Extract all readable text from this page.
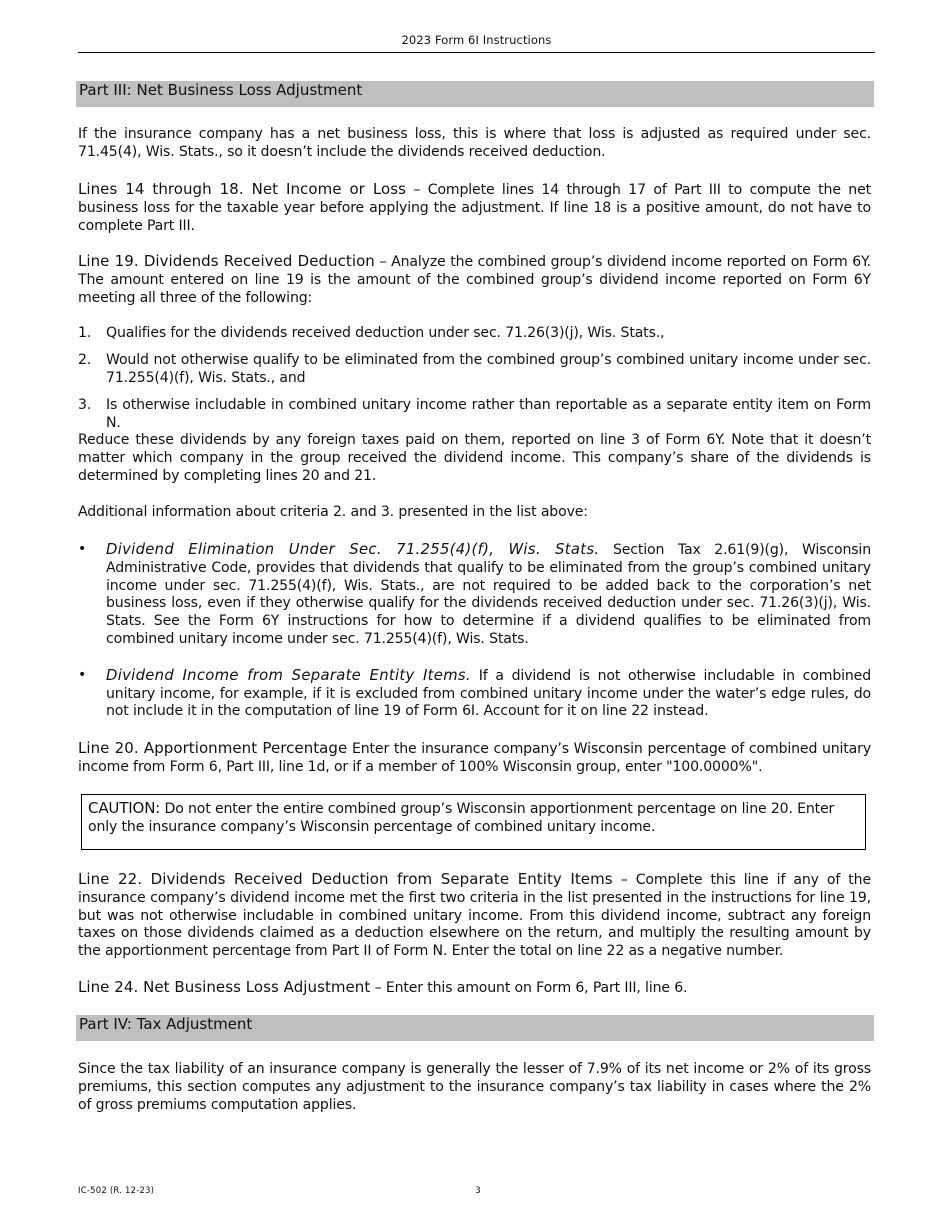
2023 Form 6I Instructions
Part III: Net Business Loss Adjustment

If the insurance company has a net business loss, this is where that loss is adjusted as required under sec. 71.45(4), Wis. Stats., so it doesn’t include the dividends received deduction.

Lines 14 through 18. Net Income or Loss – Complete lines 14 through 17 of Part III to compute the net business loss for the taxable year before applying the adjustment. If line 18 is a positive amount, do not have to complete Part III.

Line 19. Dividends Received Deduction – Analyze the combined group’s dividend income reported on Form 6Y. The amount entered on line 19 is the amount of the combined group’s dividend income reported on Form 6Y meeting all three of the following:

1. Qualifies for the dividends received deduction under sec. 71.26(3)(j), Wis. Stats.,
2. Would not otherwise qualify to be eliminated from the combined group’s combined unitary income under sec. 71.255(4)(f), Wis. Stats., and
3. Is otherwise includable in combined unitary income rather than reportable as a separate entity item on Form N.

Reduce these dividends by any foreign taxes paid on them, reported on line 3 of Form 6Y. Note that it doesn’t matter which company in the group received the dividend income. This company’s share of the dividends is determined by completing lines 20 and 21.

Additional information about criteria 2. and 3. presented in the list above:

• Dividend Elimination Under Sec. 71.255(4)(f), Wis. Stats. Section Tax 2.61(9)(g), Wisconsin Administrative Code, provides that dividends that qualify to be eliminated from the group’s combined unitary income under sec. 71.255(4)(f), Wis. Stats., are not required to be added back to the corporation’s net business loss, even if they otherwise qualify for the dividends received deduction under sec. 71.26(3)(j), Wis. Stats. See the Form 6Y instructions for how to determine if a dividend qualifies to be eliminated from combined unitary income under sec. 71.255(4)(f), Wis. Stats.
• Dividend Income from Separate Entity Items. If a dividend is not otherwise includable in combined unitary income, for example, if it is excluded from combined unitary income under the water’s edge rules, do not include it in the computation of line 19 of Form 6I. Account for it on line 22 instead.

Line 20. Apportionment Percentage Enter the insurance company’s Wisconsin percentage of combined unitary income from Form 6, Part III, line 1d, or if a member of 100% Wisconsin group, enter "100.0000%".

CAUTION: Do not enter the entire combined group’s Wisconsin apportionment percentage on line 20. Enter only the insurance company’s Wisconsin percentage of combined unitary income.

Line 22. Dividends Received Deduction from Separate Entity Items – Complete this line if any of the insurance company’s dividend income met the first two criteria in the list presented in the instructions for line 19, but was not otherwise includable in combined unitary income. From this dividend income, subtract any foreign taxes on those dividends claimed as a deduction elsewhere on the return, and multiply the resulting amount by the apportionment percentage from Part II of Form N. Enter the total on line 22 as a negative number.

Line 24. Net Business Loss Adjustment – Enter this amount on Form 6, Part III, line 6.

Part IV: Tax Adjustment

Since the tax liability of an insurance company is generally the lesser of 7.9% of its net income or 2% of its gross premiums, this section computes any adjustment to the insurance company’s tax liability in cases where the 2% of gross premiums computation applies.

IC-502 (R. 12-23)	3
